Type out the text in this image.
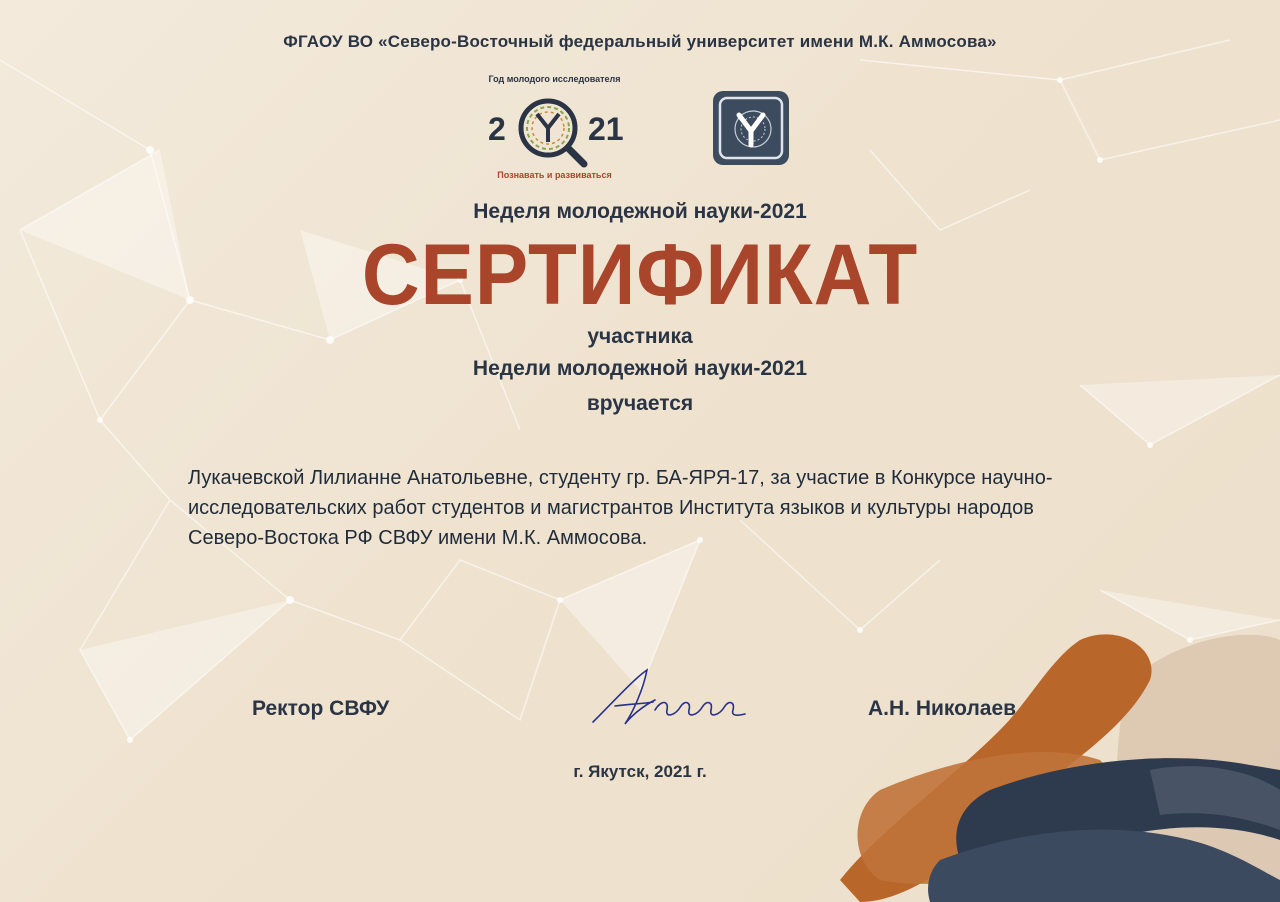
ФГАОУ ВО «Северо-Восточный федеральный университет имени М.К. Аммосова»
2	21
Год молодого исследователя
Познавать и развиваться
Неделя молодежной науки-2021
СЕРТИФИКАТ
участника
Недели молодежной науки-2021
вручается
Лукачевской Лилианне Анатольевне, студенту гр. БА-ЯРЯ-17, за участие в Конкурсе научно-исследовательских работ студентов и магистрантов Института языков и культуры народов Северо-Востока РФ СВФУ имени М.К. Аммосова.
Ректор СВФУ	А.Н. Николаев
г. Якутск, 2021 г.
